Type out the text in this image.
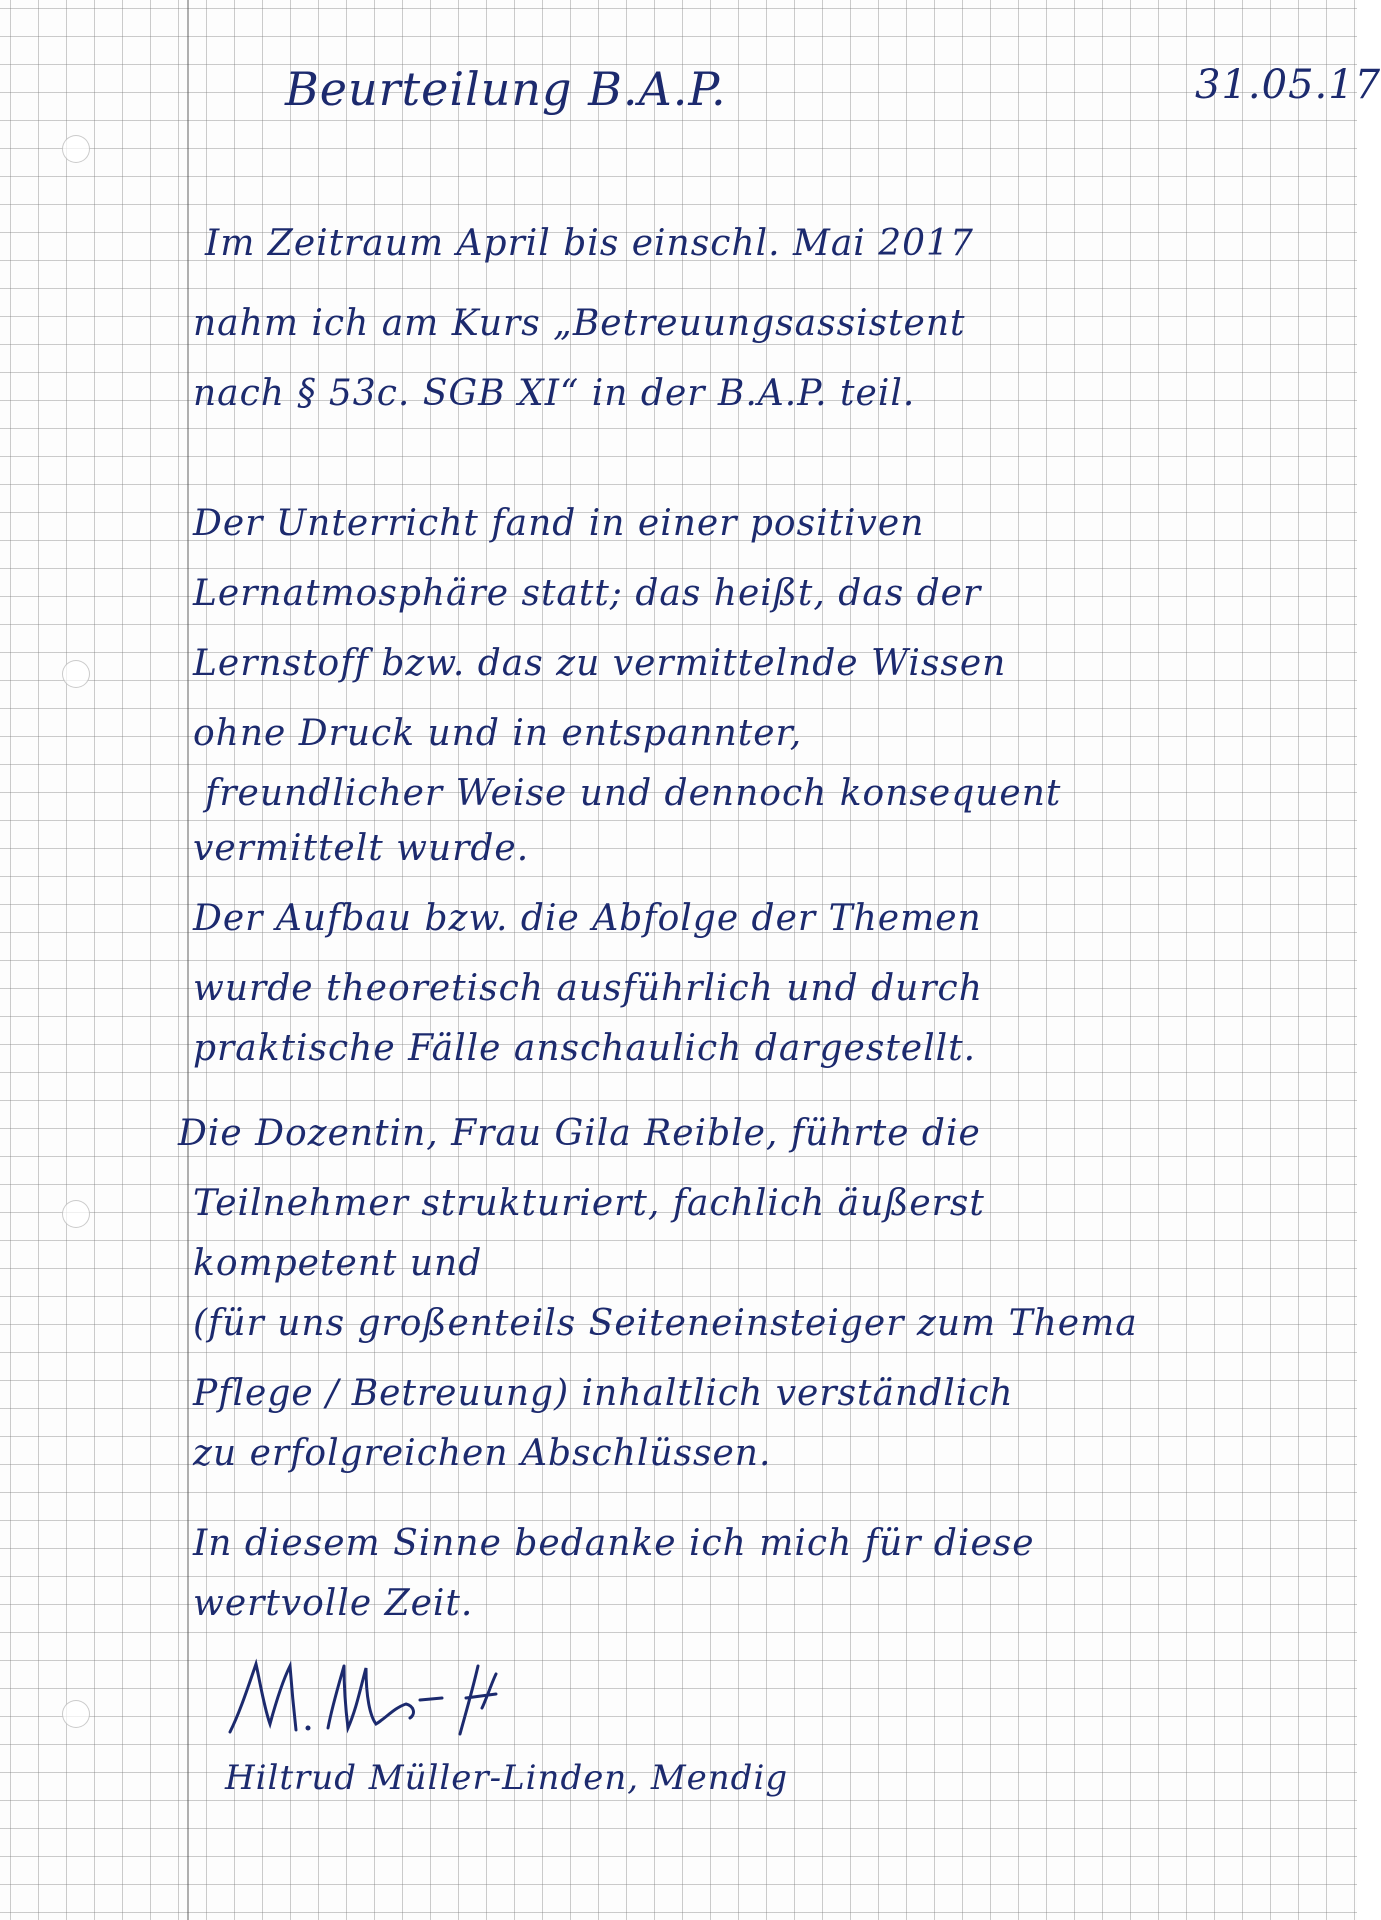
Beurteilung B.A.P.	31.05.17
Im Zeitraum April bis einschl. Mai 2017
nahm ich am Kurs „Betreuungsassistent
nach § 53c. SGB XI“ in der B.A.P. teil.
Der Unterricht fand in einer positiven
Lernatmosphäre statt; das heißt, das der
Lernstoff bzw. das zu vermittelnde Wissen
ohne Druck und in entspannter,
freundlicher Weise und dennoch konsequent
vermittelt wurde.
Der Aufbau bzw. die Abfolge der Themen
wurde theoretisch ausführlich und durch
praktische Fälle anschaulich dargestellt.
Die Dozentin, Frau Gila Reible, führte die
Teilnehmer strukturiert, fachlich äußerst
kompetent und
(für uns großenteils Seiteneinsteiger zum Thema
Pflege / Betreuung) inhaltlich verständlich
zu erfolgreichen Abschlüssen.
In diesem Sinne bedanke ich mich für diese
wertvolle Zeit.
Hiltrud Müller-Linden, Mendig
